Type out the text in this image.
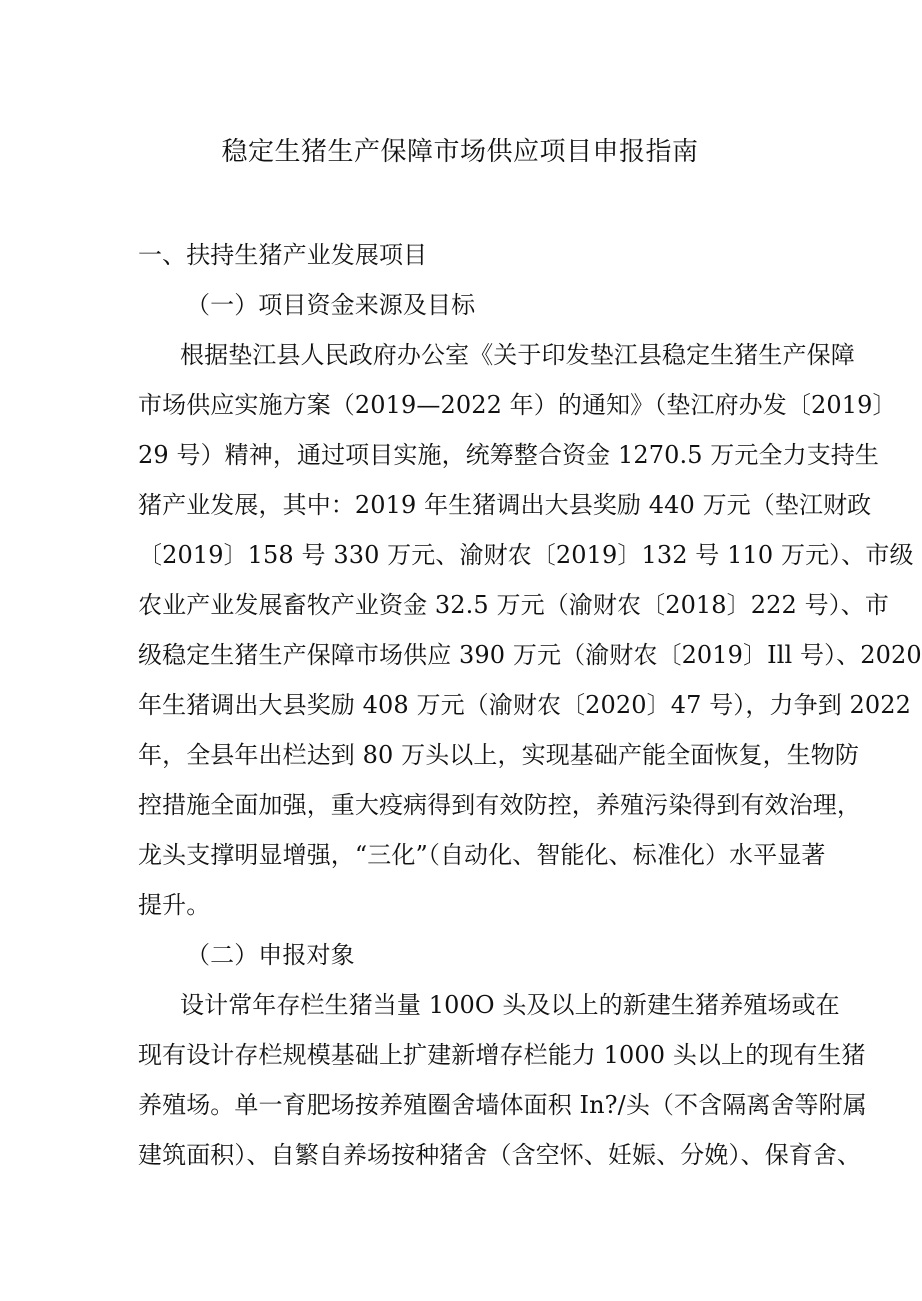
稳定生猪生产保障市场供应项目申报指南
一、扶持生猪产业发展项目
（一）项目资金来源及目标
根据垫江县人民政府办公室《关于印发垫江县稳定生猪生产保障
市场供应实施方案（2019—2022 年）的通知》（垫江府办发〔2019〕
29 号）精神，通过项目实施，统筹整合资金 1270.5 万元全力支持生
猪产业发展，其中：2019 年生猪调出大县奖励 440 万元（垫江财政
〔2019〕158 号 330 万元、渝财农〔2019〕132 号 110 万元）、市级
农业产业发展畜牧产业资金 32.5 万元（渝财农〔2018〕222 号）、市
级稳定生猪生产保障市场供应 390 万元（渝财农〔2019〕Ill 号）、2020
年生猪调出大县奖励 408 万元（渝财农〔2020〕47 号），力争到 2022
年，全县年出栏达到 80 万头以上，实现基础产能全面恢复，生物防
控措施全面加强，重大疫病得到有效防控，养殖污染得到有效治理，
龙头支撑明显增强，“三化”（自动化、智能化、标准化）水平显著
提升。
（二）申报对象
设计常年存栏生猪当量 100O 头及以上的新建生猪养殖场或在
现有设计存栏规模基础上扩建新增存栏能力 1000 头以上的现有生猪
养殖场。单一育肥场按养殖圈舍墙体面积 In?/头（不含隔离舍等附属
建筑面积）、自繁自养场按种猪舍（含空怀、妊娠、分娩）、保育舍、
